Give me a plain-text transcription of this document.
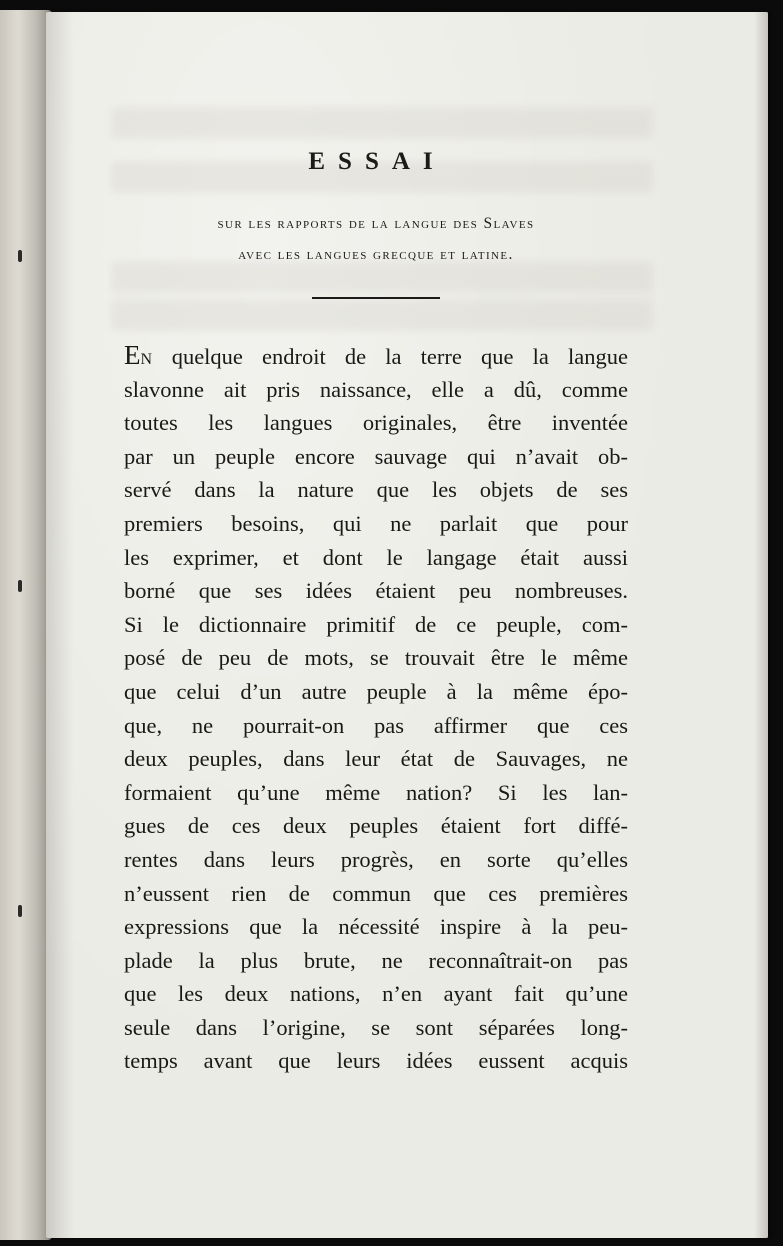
ESSAI
sur les rapports de la langue des Slaves
avec les langues grecque et latine.
EN quelque endroit de la terre que la langue
slavonne ait pris naissance, elle a dû, comme
toutes les langues originales, être inventée
par un peuple encore sauvage qui n’avait ob-
servé dans la nature que les objets de ses
premiers besoins, qui ne parlait que pour
les exprimer, et dont le langage était aussi
borné que ses idées étaient peu nombreuses.
Si le dictionnaire primitif de ce peuple, com-
posé de peu de mots, se trouvait être le même
que celui d’un autre peuple à la même épo-
que, ne pourrait-on pas affirmer que ces
deux peuples, dans leur état de Sauvages, ne
formaient qu’une même nation? Si les lan-
gues de ces deux peuples étaient fort diffé-
rentes dans leurs progrès, en sorte qu’elles
n’eussent rien de commun que ces premières
expressions que la nécessité inspire à la peu-
plade la plus brute, ne reconnaîtrait-on pas
que les deux nations, n’en ayant fait qu’une
seule dans l’origine, se sont séparées long-
temps avant que leurs idées eussent acquis
